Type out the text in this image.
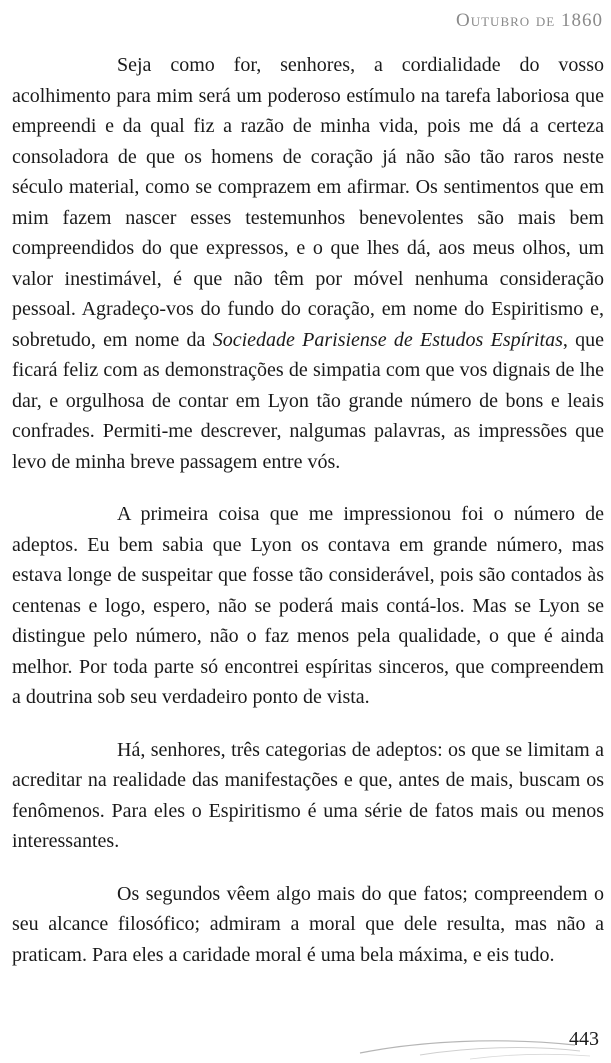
Outubro de 1860

Seja como for, senhores, a cordialidade do vosso acolhimento para mim será um poderoso estímulo na tarefa laboriosa que empreendi e da qual fiz a razão de minha vida, pois me dá a certeza consoladora de que os homens de coração já não são tão raros neste século material, como se comprazem em afirmar. Os sentimentos que em mim fazem nascer esses testemunhos benevolentes são mais bem compreendidos do que expressos, e o que lhes dá, aos meus olhos, um valor inestimável, é que não têm por móvel nenhuma consideração pessoal. Agradeço-vos do fundo do coração, em nome do Espiritismo e, sobretudo, em nome da Sociedade Parisiense de Estudos Espíritas, que ficará feliz com as demonstrações de simpatia com que vos dignais de lhe dar, e orgulhosa de contar em Lyon tão grande número de bons e leais confrades. Permiti-me descrever, nalgumas palavras, as impressões que levo de minha breve passagem entre vós.

A primeira coisa que me impressionou foi o número de adeptos. Eu bem sabia que Lyon os contava em grande número, mas estava longe de suspeitar que fosse tão considerável, pois são contados às centenas e logo, espero, não se poderá mais contá-los. Mas se Lyon se distingue pelo número, não o faz menos pela qualidade, o que é ainda melhor. Por toda parte só encontrei espíritas sinceros, que compreendem a doutrina sob seu verdadeiro ponto de vista.

Há, senhores, três categorias de adeptos: os que se limitam a acreditar na realidade das manifestações e que, antes de mais, buscam os fenômenos. Para eles o Espiritismo é uma série de fatos mais ou menos interessantes.

Os segundos vêem algo mais do que fatos; compreendem o seu alcance filosófico; admiram a moral que dele resulta, mas não a praticam. Para eles a caridade moral é uma bela máxima, e eis tudo.

443
